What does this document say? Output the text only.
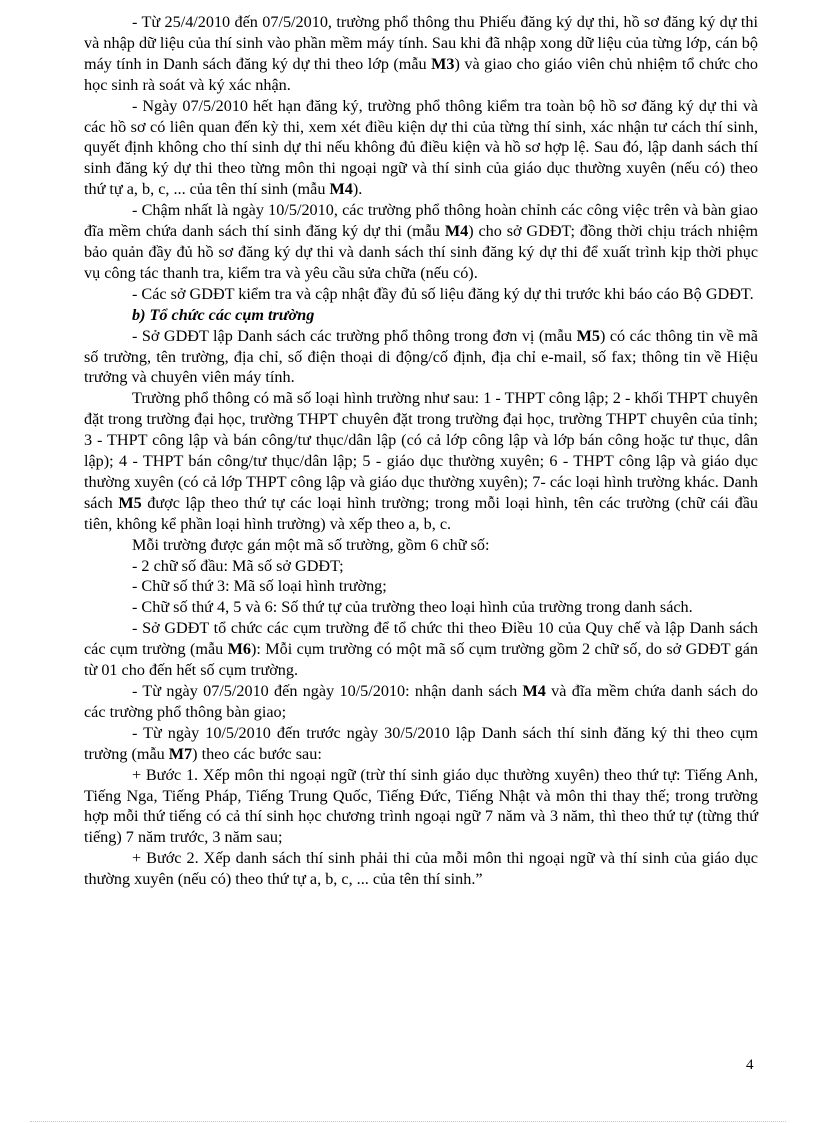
- Từ 25/4/2010 đến 07/5/2010, trường phổ thông thu Phiếu đăng ký dự thi, hồ sơ đăng ký dự thi và nhập dữ liệu của thí sinh vào phần mềm máy tính. Sau khi đã nhập xong dữ liệu của từng lớp, cán bộ máy tính in Danh sách đăng ký dự thi theo lớp (mẫu M3) và giao cho giáo viên chủ nhiệm tổ chức cho học sinh rà soát và ký xác nhận.

- Ngày 07/5/2010 hết hạn đăng ký, trường phổ thông kiểm tra toàn bộ hồ sơ đăng ký dự thi và các hồ sơ có liên quan đến kỳ thi, xem xét điều kiện dự thi của từng thí sinh, xác nhận tư cách thí sinh, quyết định không cho thí sinh dự thi nếu không đủ điều kiện và hồ sơ hợp lệ. Sau đó, lập danh sách thí sinh đăng ký dự thi theo từng môn thi ngoại ngữ và thí sinh của giáo dục thường xuyên (nếu có) theo thứ tự a, b, c, ... của tên thí sinh (mẫu M4).

- Chậm nhất là ngày 10/5/2010, các trường phổ thông hoàn chỉnh các công việc trên và bàn giao đĩa mềm chứa danh sách thí sinh đăng ký dự thi (mẫu M4) cho sở GDĐT; đồng thời chịu trách nhiệm bảo quản đầy đủ hồ sơ đăng ký dự thi và danh sách thí sinh đăng ký dự thi để xuất trình kịp thời phục vụ công tác thanh tra, kiểm tra và yêu cầu sửa chữa (nếu có).

- Các sở GDĐT kiểm tra và cập nhật đầy đủ số liệu đăng ký dự thi trước khi báo cáo Bộ GDĐT.

b) Tổ chức các cụm trường

- Sở GDĐT lập Danh sách các trường phổ thông trong đơn vị (mẫu M5) có các thông tin về mã số trường, tên trường, địa chỉ, số điện thoại di động/cố định, địa chỉ e-mail, số fax; thông tin về Hiệu trưởng và chuyên viên máy tính.

Trường phổ thông có mã số loại hình trường như sau: 1 - THPT công lập; 2 - khối THPT chuyên đặt trong trường đại học, trường THPT chuyên đặt trong trường đại học, trường THPT chuyên của tỉnh; 3 - THPT công lập và bán công/tư thục/dân lập (có cả lớp công lập và lớp bán công hoặc tư thục, dân lập); 4 - THPT bán công/tư thục/dân lập; 5 - giáo dục thường xuyên; 6 - THPT công lập và giáo dục thường xuyên (có cả lớp THPT công lập và giáo dục thường xuyên); 7- các loại hình trường khác. Danh sách M5 được lập theo thứ tự các loại hình trường; trong mỗi loại hình, tên các trường (chữ cái đầu tiên, không kể phần loại hình trường) và xếp theo a, b, c.

Mỗi trường được gán một mã số trường, gồm 6 chữ số:

- 2 chữ số đầu: Mã số sở GDĐT;

- Chữ số thứ 3: Mã số loại hình trường;

- Chữ số thứ 4, 5 và 6: Số thứ tự của trường theo loại hình của trường trong danh sách.

- Sở GDĐT tổ chức các cụm trường để tổ chức thi theo Điều 10 của Quy chế và lập Danh sách các cụm trường (mẫu M6): Mỗi cụm trường có một mã số cụm trường gồm 2 chữ số, do sở GDĐT gán từ 01 cho đến hết số cụm trường.

- Từ ngày 07/5/2010 đến ngày 10/5/2010: nhận danh sách M4 và đĩa mềm chứa danh sách do các trường phổ thông bàn giao;

- Từ ngày 10/5/2010 đến trước ngày 30/5/2010 lập Danh sách thí sinh đăng ký thi theo cụm trường (mẫu M7) theo các bước sau:

+ Bước 1. Xếp môn thi ngoại ngữ (trừ thí sinh giáo dục thường xuyên) theo thứ tự: Tiếng Anh, Tiếng Nga, Tiếng Pháp, Tiếng Trung Quốc, Tiếng Đức, Tiếng Nhật và môn thi thay thế; trong trường hợp mỗi thứ tiếng có cả thí sinh học chương trình ngoại ngữ 7 năm và 3 năm, thì theo thứ tự (từng thứ tiếng) 7 năm trước, 3 năm sau;

+ Bước 2. Xếp danh sách thí sinh phải thi của mỗi môn thi ngoại ngữ và thí sinh của giáo dục thường xuyên (nếu có) theo thứ tự a, b, c, ... của tên thí sinh.”

4
